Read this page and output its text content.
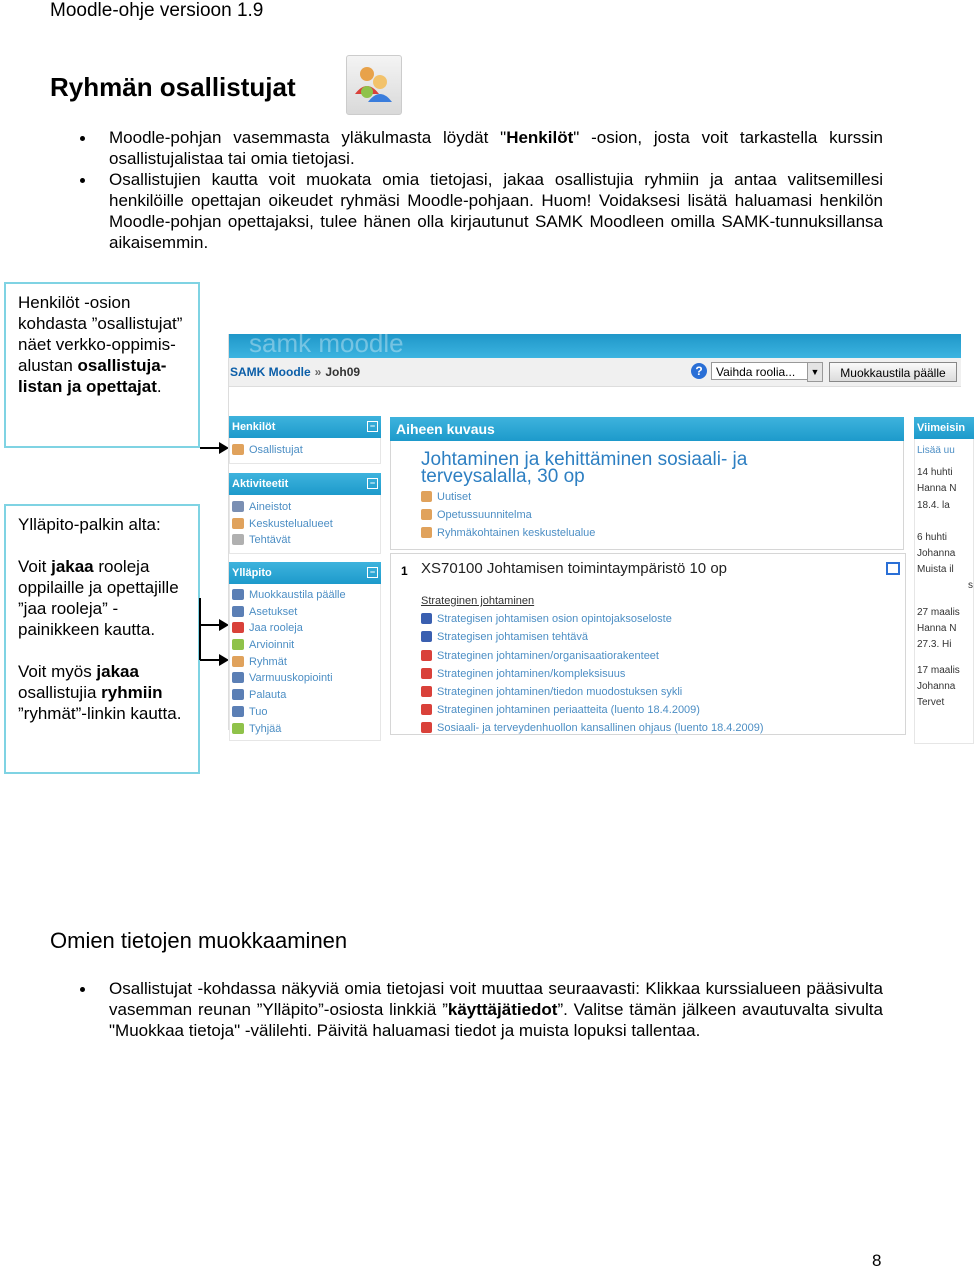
Moodle-ohje versioon 1.9
Ryhmän osallistujat
Moodle-pohjan vasemmasta yläkulmasta löydät "Henkilöt" -osion, josta voit tarkastella kurssin osallistujalistaa tai omia tietojasi.
Osallistujien kautta voit muokata omia tietojasi, jakaa osallistujia ryhmiin ja antaa valitsemillesi henkilöille opettajan oikeudet ryhmäsi Moodle-pohjaan. Huom! Voidaksesi lisätä haluamasi henkilön Moodle-pohjan opettajaksi, tulee hänen olla kirjautunut SAMK Moodleen omilla SAMK-tunnuksillansa aikaisemmin.

Henkilöt -osion kohdasta ”osallistujat” näet verkko-oppimis-alustan osallistuja-listan ja opettajat.

Ylläpito-palkin alta:

Voit jakaa rooleja oppilaille ja opettajille ”jaa rooleja” -painikkeen kautta.

Voit myös jakaa osallistujia ryhmiin ”ryhmät”-linkin kautta.

samk moodle
SAMK Moodle » Joh09	?	Vaihda roolia...	▼	Muokkaustila päälle
Henkilöt	−
Osallistujat
Aktiviteetit	−
Aineistot
Keskustelualueet
Tehtävät
Ylläpito	−
Muokkaustila päälle
Asetukset
Jaa rooleja
Arvioinnit
Ryhmät
Varmuuskopiointi
Palauta
Tuo
Tyhjää
Aiheen kuvaus
Johtaminen ja kehittäminen sosiaali- ja terveysalalla, 30 op
Uutiset
Opetussuunnitelma
Ryhmäkohtainen keskustelualue
1 XS70100 Johtamisen toimintaympäristö 10 op
Strateginen johtaminen
Strategisen johtamisen osion opintojaksoseloste
Strategisen johtamisen tehtävä
Strateginen johtaminen/organisaatiorakenteet
Strateginen johtaminen/kompleksisuus
Strateginen johtaminen/tiedon muodostuksen sykli
Strateginen johtaminen periaatteita (luento 18.4.2009)
Sosiaali- ja terveydenhuollon kansallinen ohjaus (luento 18.4.2009)
Viimeisin
Lisää uu
14 huhti
Hanna N
18.4. la
6 huhti
Johanna
Muista il
s
27 maalis
Hanna N
27.3. Hi
17 maalis
Johanna
Tervet
Omien tietojen muokkaaminen
Osallistujat -kohdassa näkyviä omia tietojasi voit muuttaa seuraavasti: Klikkaa kurssialueen pääsivulta vasemman reunan ”Ylläpito”-osiosta linkkiä ”käyttäjätiedot”. Valitse tämän jälkeen avautuvalta sivulta "Muokkaa tietoja" -välilehti. Päivitä haluamasi tiedot ja muista lopuksi tallentaa.
8
